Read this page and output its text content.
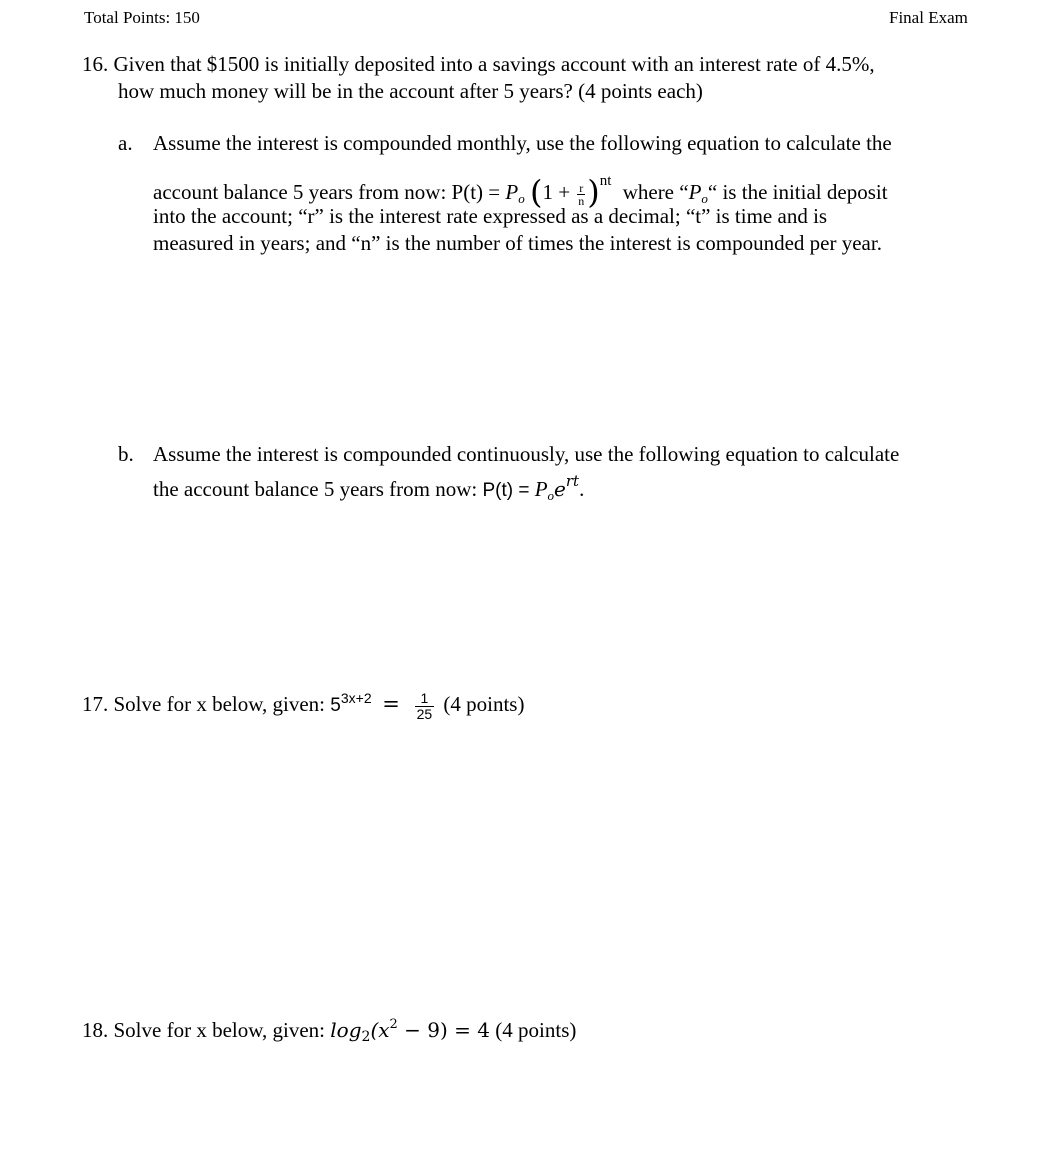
Total Points: 150	Final Exam
16. Given that $1500 is initially deposited into a savings account with an interest rate of 4.5%,
how much money will be in the account after 5 years? (4 points each)
a. Assume the interest is compounded monthly, use the following equation to calculate the
account balance 5 years from now: $P(t) = P_o$ $(1 + \frac{r}{n} )^{nt}$ where “$P_o“$ is the initial deposit
into the account; “r” is the interest rate expressed as a decimal; “t” is time and is
measured in years; and “n” is the number of times the interest is compounded per year.
b. Assume the interest is compounded continuously, use the following equation to calculate
the account balance 5 years from now: $P(t) = P_oe^{rt}$.
17. Solve for x below, given: $5^{3x+2} = \frac{1}{25} (4$ points)
18. Solve for x below, given: $\log_2(x^2 - 9) = 4$ (4 points)
